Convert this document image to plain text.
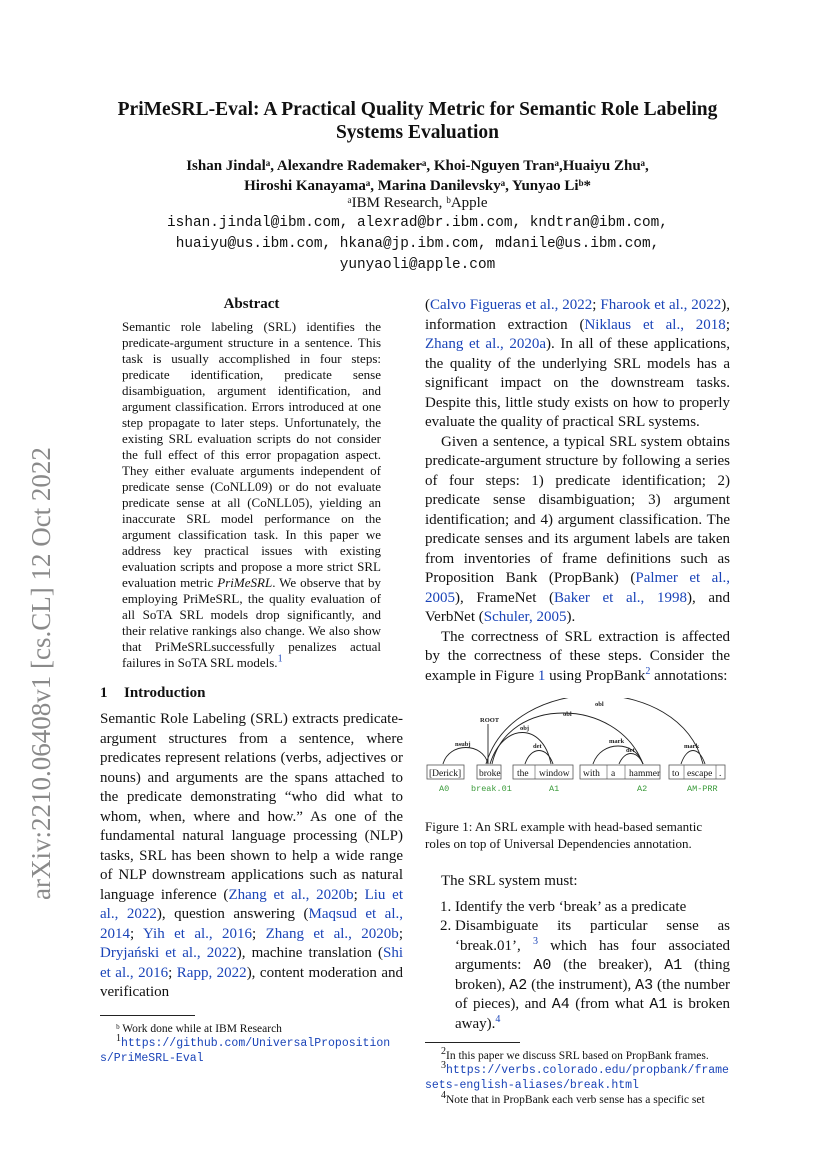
arXiv:2210.06408v1 [cs.CL] 12 Oct 2022
PriMeSRL-Eval: A Practical Quality Metric for Semantic Role Labeling
Systems Evaluation
Ishan Jindalᵃ, Alexandre Rademakerᵃ, Khoi-Nguyen Tranᵃ,Huaiyu Zhuᵃ,
Hiroshi Kanayamaᵃ, Marina Danilevskyᵃ, Yunyao Liᵇ*
ᵃIBM Research, ᵇApple
ishan.jindal@ibm.com, alexrad@br.ibm.com, kndtran@ibm.com,
huaiyu@us.ibm.com, hkana@jp.ibm.com, mdanile@us.ibm.com,
yunyaoli@apple.com
Abstract

Semantic role labeling (SRL) identifies the predicate-argument structure in a sentence. This task is usually accomplished in four steps: predicate identification, predicate sense disambiguation, argument identification, and argument classification. Errors introduced at one step propagate to later steps. Unfortunately, the existing SRL evaluation scripts do not consider the full effect of this error propagation aspect. They either evaluate arguments independent of predicate sense (CoNLL09) or do not evaluate predicate sense at all (CoNLL05), yielding an inaccurate SRL model performance on the argument classification task. In this paper we address key practical issues with existing evaluation scripts and propose a more strict SRL evaluation metric PriMeSRL. We observe that by employing PriMeSRL, the quality evaluation of all SoTA SRL models drop significantly, and their relative rankings also change. We also show that PriMeSRLsuccessfully penalizes actual failures in SoTA SRL models.$^1$

1 Introduction

Semantic Role Labeling (SRL) extracts predicate-argument structures from a sentence, where predicates represent relations (verbs, adjectives or nouns) and arguments are the spans attached to the predicate demonstrating “who did what to whom, when, where and how.” As one of the fundamental natural language processing (NLP) tasks, SRL has been shown to help a wide range of NLP downstream applications such as natural language inference (Zhang et al., 2020b; Liu et al., 2022), question answering (Maqsud et al., 2014; Yih et al., 2016; Zhang et al., 2020b; Dryjański et al., 2022), machine translation (Shi et al., 2016; Rapp, 2022), content moderation and verification

ᵇ Work done while at IBM Research

$^1$https://github.com/UniversalPropositions/PriMeSRL-Eval

(Calvo Figueras et al., 2022; Fharook et al., 2022), information extraction (Niklaus et al., 2018; Zhang et al., 2020a). In all of these applications, the quality of the underlying SRL models has a significant impact on the downstream tasks. Despite this, little study exists on how to properly evaluate the quality of practical SRL systems.

Given a sentence, a typical SRL system obtains predicate-argument structure by following a series of four steps: 1) predicate identification; 2) predicate sense disambiguation; 3) argument identification; and 4) argument classification. The predicate senses and its argument labels are taken from inventories of frame definitions such as Proposition Bank (PropBank) (Palmer et al., 2005), FrameNet (Baker et al., 1998), and VerbNet (Schuler, 2005).

The correctness of SRL extraction is affected by the correctness of these steps. Consider the example in Figure 1 using PropBank$^2$ annotations:

ROOT
nsubj
obj
det
obl
obl
mark
det
mark
[Derick] broke the window with a hammer to escape .
A0	break.01	A1	A2	AM-PRR

Figure 1: An SRL example with head-based semantic roles on top of Universal Dependencies annotation.

The SRL system must:

1. Identify the verb ‘break’ as a predicate
2. Disambiguate its particular sense as ‘break.01’, $^3$ which has four associated arguments: A0 (the breaker), A1 (thing broken), A2 (the instrument), A3 (the number of pieces), and A4 (from what A1 is broken away).$^4$

$^2$In this paper we discuss SRL based on PropBank frames.

$^3$https://verbs.colorado.edu/propbank/framesets-english-aliases/break.html

$^4$Note that in PropBank each verb sense has a specific set
